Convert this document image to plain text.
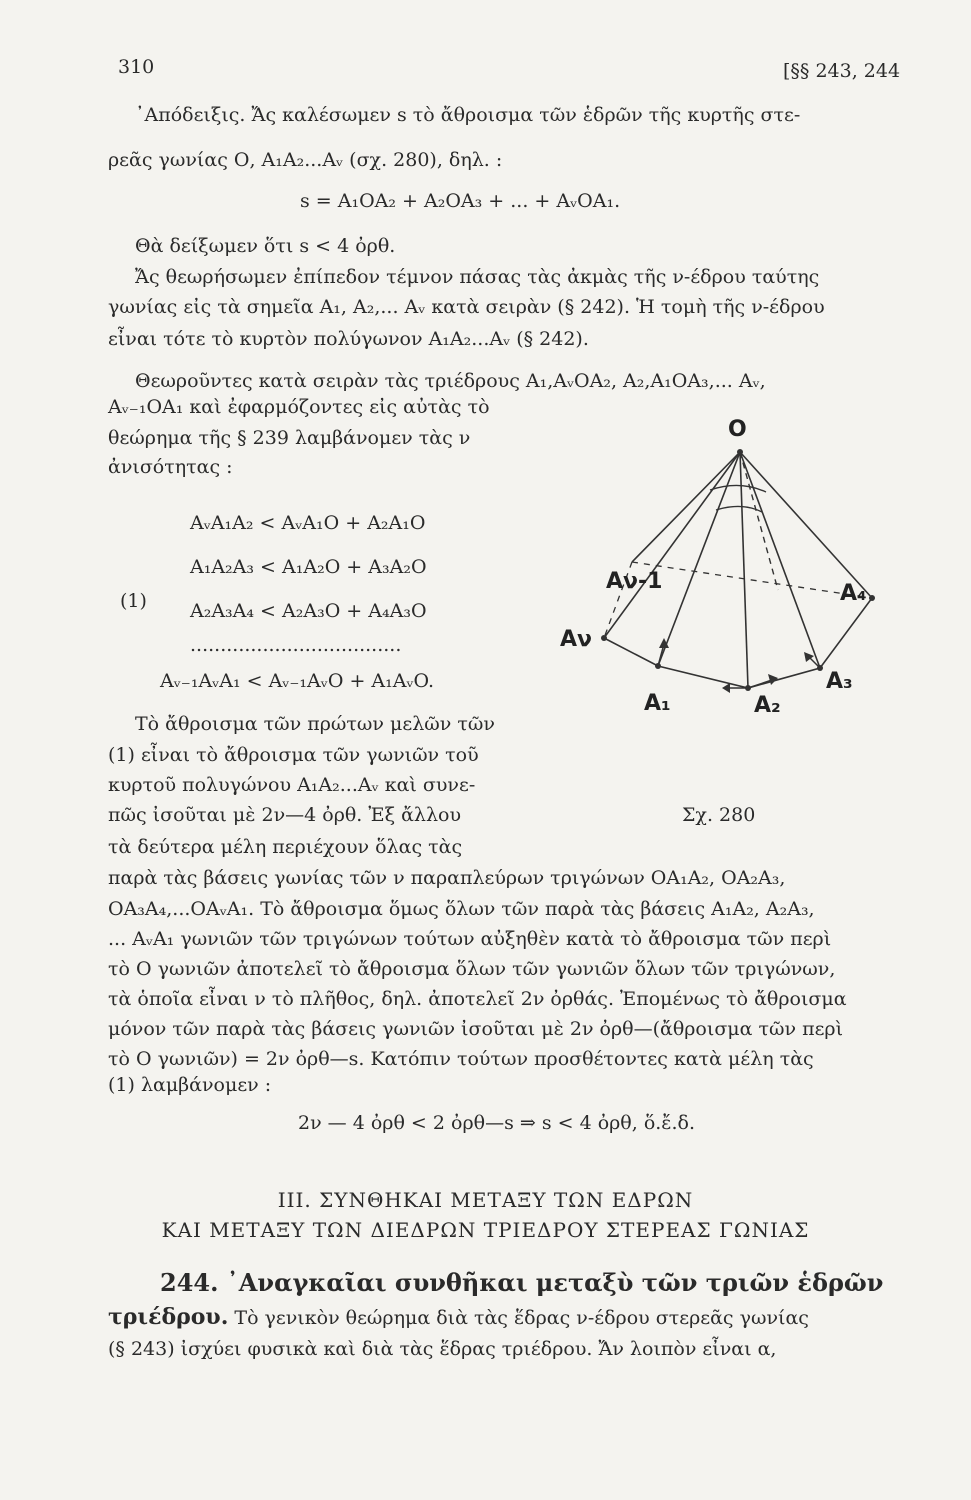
310	[§§ 243, 244
᾿Απόδειξις. Ἄς καλέσωμεν s τὸ ἄθροισμα τῶν ἑδρῶν τῆς κυρτῆς στε-
ρεᾶς γωνίας Ο, A₁A₂...Aᵥ (σχ. 280), δηλ. :
s = A₁OA₂ + A₂OA₃ + ... + AᵥOA₁.
Θὰ δείξωμεν ὅτι s < 4 ὀρθ.
Ἄς θεωρήσωμεν ἐπίπεδον τέμνον πάσας τὰς ἀκμὰς τῆς ν-έδρου ταύτης
γωνίας εἰς τὰ σημεῖα A₁, A₂,... Aᵥ κατὰ σειρὰν (§ 242). Ἡ τομὴ τῆς ν-έδρου
εἶναι τότε τὸ κυρτὸν πολύγωνον A₁A₂...Aᵥ (§ 242).
Θεωροῦντες κατὰ σειρὰν τὰς τριέδρους A₁,AᵥOA₂, A₂,A₁OA₃,... Aᵥ,
Aᵥ₋₁OA₁ καὶ ἐφαρμόζοντες εἰς αὐτὰς τὸ
θεώρημα τῆς § 239 λαμβάνομεν τὰς ν
ἀνισότητας :
AᵥA₁A₂ < AᵥA₁O + A₂A₁O
A₁A₂A₃ < A₁A₂O + A₃A₂O
(1) A₂A₃A₄ < A₂A₃O + A₄A₃O
...................................
Aᵥ₋₁AᵥA₁ < Aᵥ₋₁AᵥO + A₁AᵥO.
Τὸ ἄθροισμα τῶν πρώτων μελῶν τῶν
(1) εἶναι τὸ ἄθροισμα τῶν γωνιῶν τοῦ
κυρτοῦ πολυγώνου A₁A₂...Aᵥ καὶ συνε-
πῶς ἰσοῦται μὲ 2ν—4 ὀρθ. Ἐξ ἄλλου
τὰ δεύτερα μέλη περιέχουν ὅλας τὰς
παρὰ τὰς βάσεις γωνίας τῶν ν παραπλεύρων τριγώνων OA₁A₂, OA₂A₃,
OA₃A₄,...OAᵥA₁. Τὸ ἄθροισμα ὅμως ὅλων τῶν παρὰ τὰς βάσεις A₁A₂, A₂A₃,
... AᵥA₁ γωνιῶν τῶν τριγώνων τούτων αὐξηθὲν κατὰ τὸ ἄθροισμα τῶν περὶ
τὸ Ο γωνιῶν ἀποτελεῖ τὸ ἄθροισμα ὅλων τῶν γωνιῶν ὅλων τῶν τριγώνων,
τὰ ὁποῖα εἶναι ν τὸ πλῆθος, δηλ. ἀποτελεῖ 2ν ὀρθάς. Ἐπομένως τὸ ἄθροισμα
μόνον τῶν παρὰ τὰς βάσεις γωνιῶν ἰσοῦται μὲ 2ν ὀρθ—(ἄθροισμα τῶν περὶ
τὸ Ο γωνιῶν) = 2ν ὀρθ—s. Κατόπιν τούτων προσθέτοντες κατὰ μέλη τὰς
(1) λαμβάνομεν :
2ν — 4 ὀρθ < 2 ὀρθ—s ⇒ s < 4 ὀρθ, ὅ.ἔ.δ.
III. ΣΥΝΘΗΚΑΙ ΜΕΤΑΞΥ ΤΩΝ ΕΔΡΩΝ
ΚΑΙ ΜΕΤΑΞΥ ΤΩΝ ΔΙΕΔΡΩΝ ΤΡΙΕΔΡΟΥ ΣΤΕΡΕΑΣ ΓΩΝΙΑΣ
244. ᾿Αναγκαῖαι συνθῆκαι μεταξὺ τῶν τριῶν ἑδρῶν
τριέδρου. Τὸ γενικὸν θεώρημα διὰ τὰς ἕδρας ν-έδρου στερεᾶς γωνίας
(§ 243) ἰσχύει φυσικὰ καὶ διὰ τὰς ἕδρας τριέδρου. Ἄν λοιπὸν εἶναι α,
O
Aν-1
Aν
A₁	A₂
A₃
A₄
Σχ. 280
